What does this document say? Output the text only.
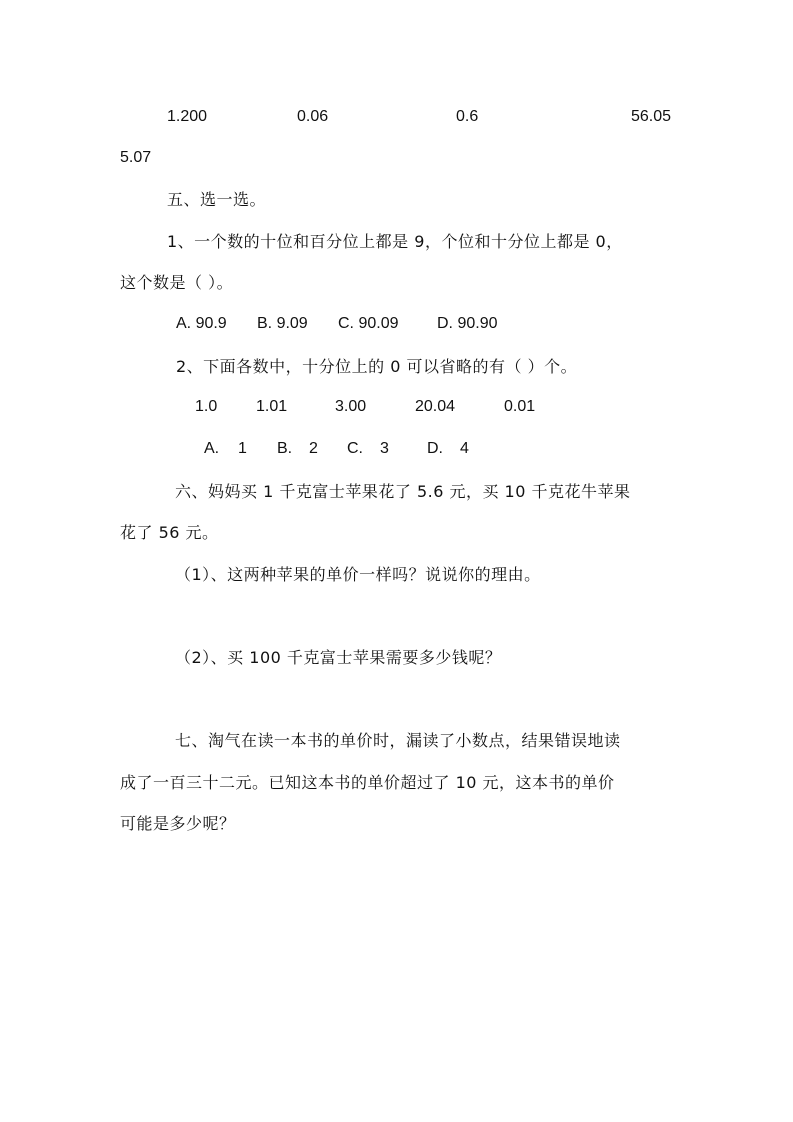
1.200	0.06	0.6	56.05
5.07
五、选一选。
1、一个数的十位和百分位上都是 9，个位和十分位上都是 0，
这个数是（ ）。
A. 90.9 B. 9.09 C. 90.09 D. 90.90
2、下面各数中，十分位上的 0 可以省略的有（ ）个。
1.0 1.01	3.00	20.04	0.01
A. 1 B. 2 C. 3 D. 4
六、妈妈买 1 千克富士苹果花了 5.6 元，买 10 千克花牛苹果
花了 56 元。
（1）、这两种苹果的单价一样吗？说说你的理由。
（2）、买 100 千克富士苹果需要多少钱呢？
七、淘气在读一本书的单价时，漏读了小数点，结果错误地读
成了一百三十二元。已知这本书的单价超过了 10 元，这本书的单价
可能是多少呢？
